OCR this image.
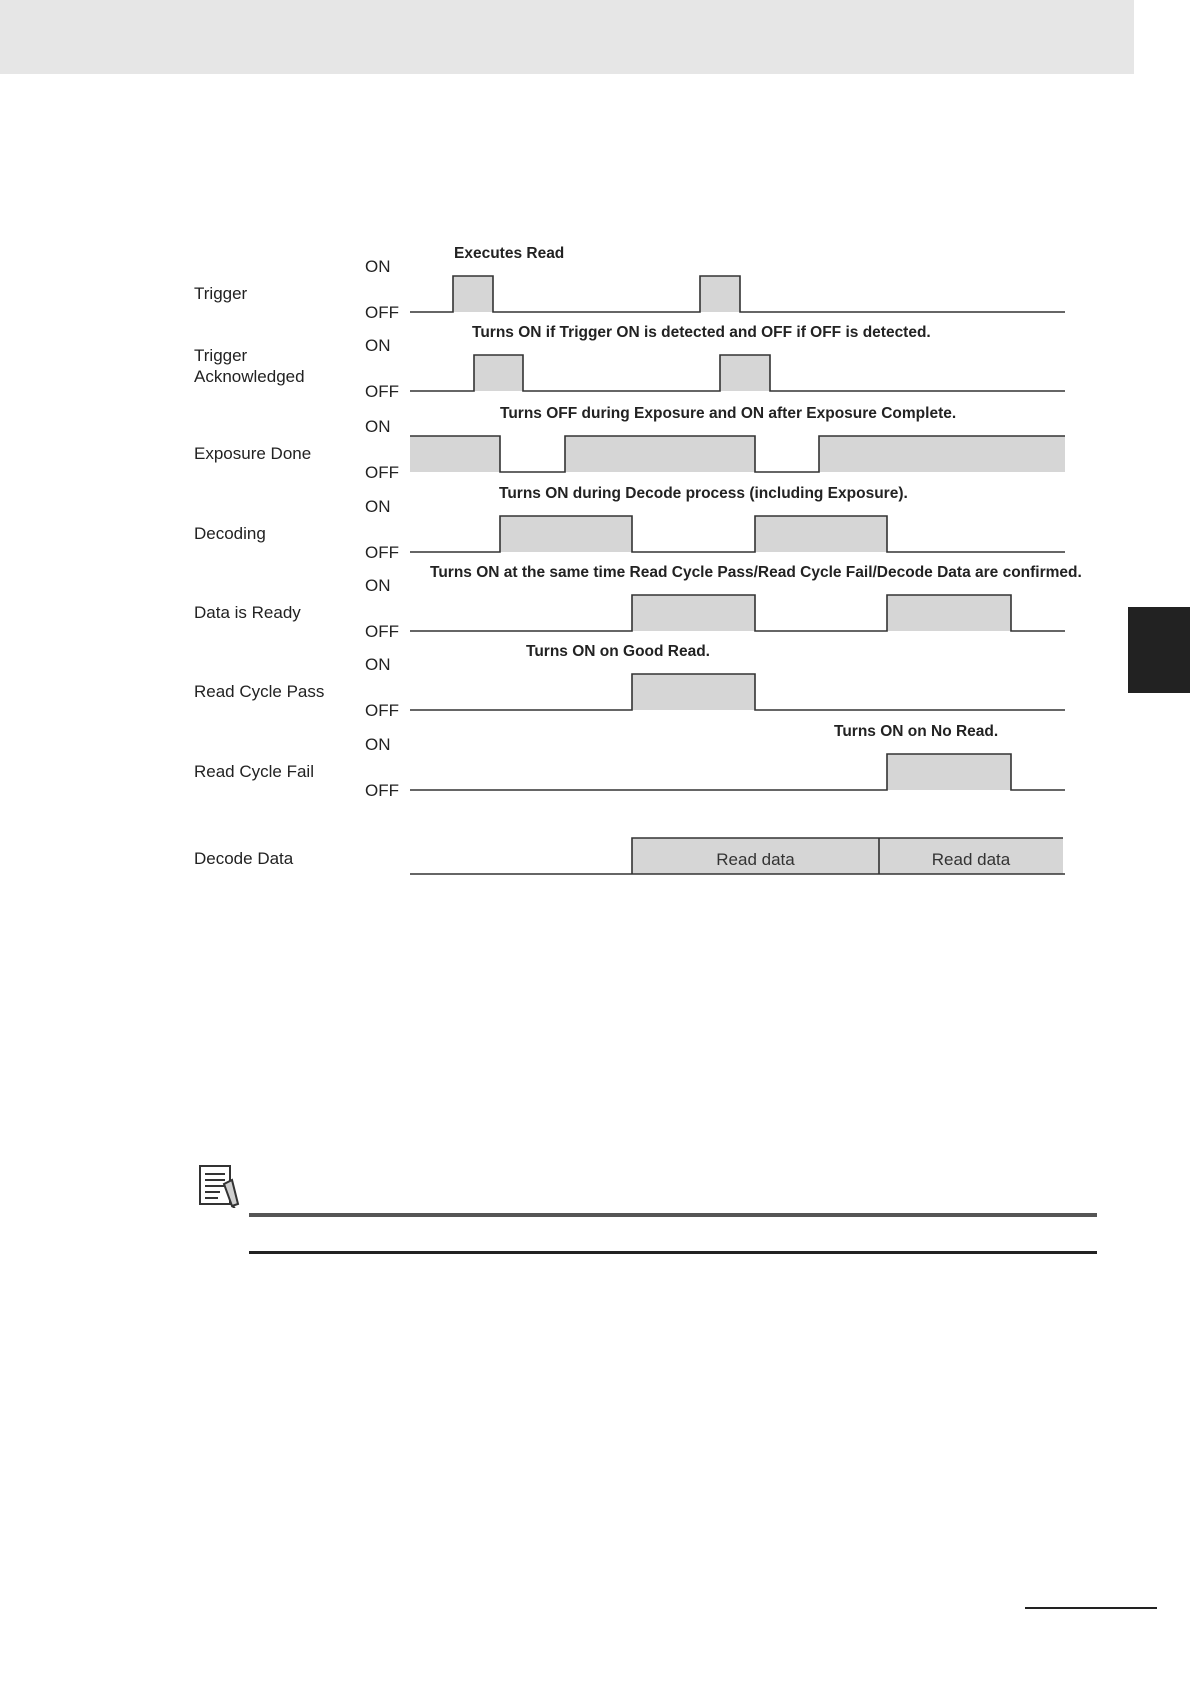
Trigger
ON
OFF
Executes Read
Trigger
Acknowledged
ON
OFF
Turns ON if Trigger ON is detected and OFF if OFF is detected.
Exposure Done
ON
OFF
Turns OFF during Exposure and ON after Exposure Complete.
Decoding
ON
OFF
Turns ON during Decode process (including Exposure).
Data is Ready
ON
OFF
Turns ON at the same time Read Cycle Pass/Read Cycle Fail/Decode Data are confirmed.
Read Cycle Pass
ON
OFF
Turns ON on Good Read.
Read Cycle Fail
ON
OFF
Turns ON on No Read.
Decode Data	Read data	Read data
